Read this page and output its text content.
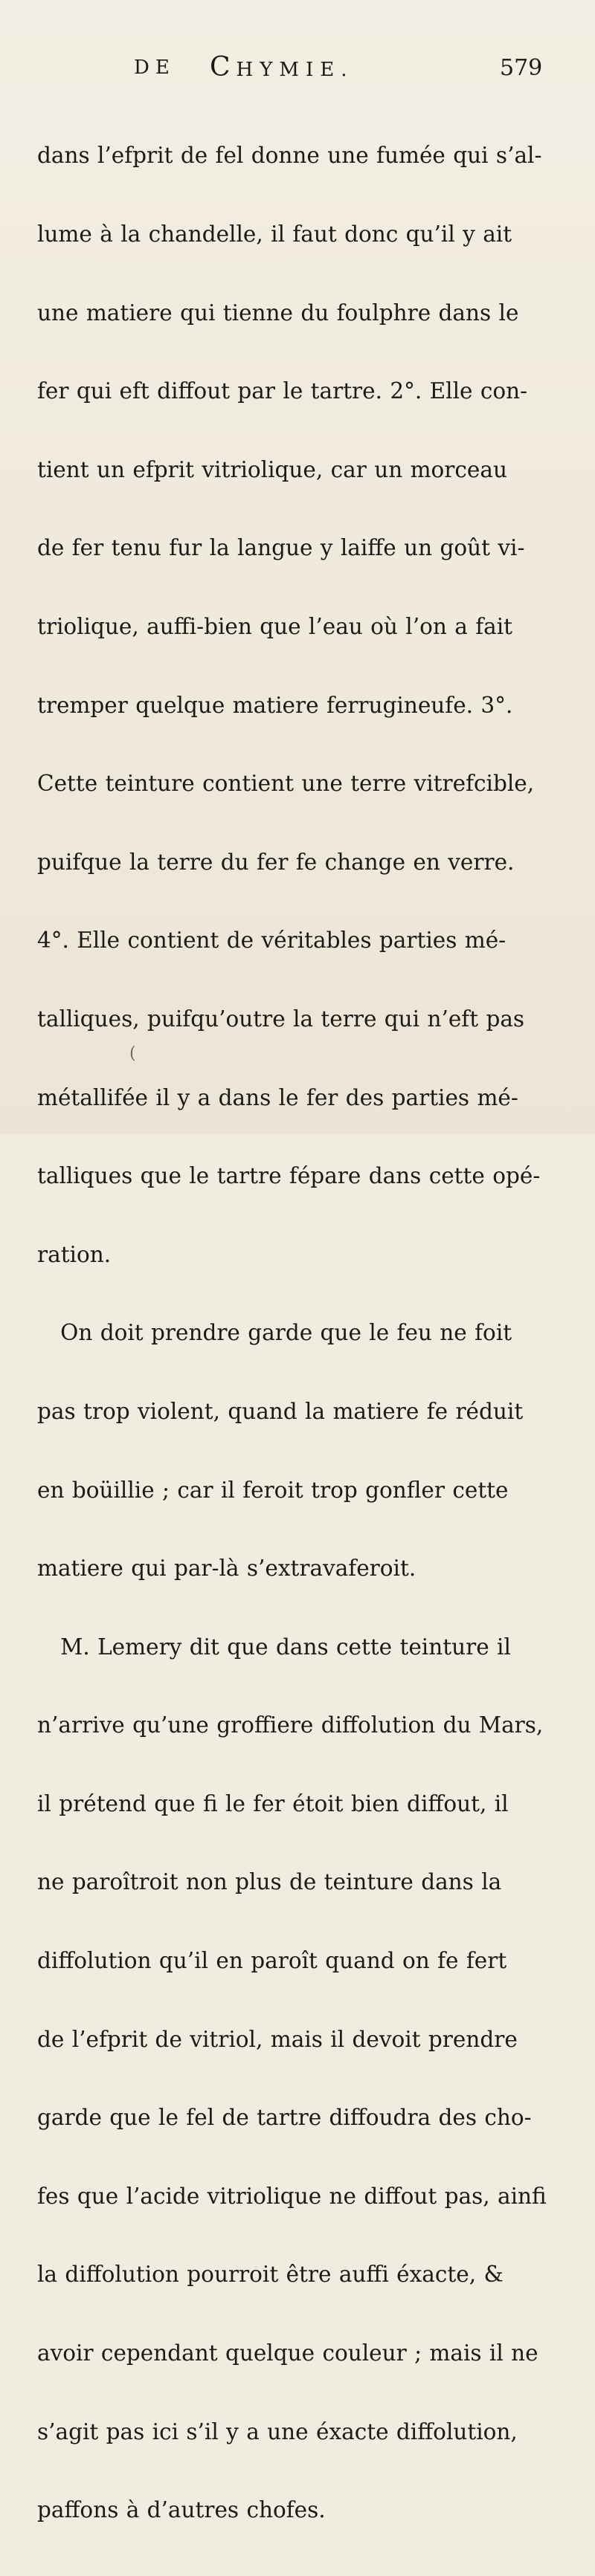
DE CHYMIE.	579

dans l’efprit de fel donne une fumée qui s’al-

lume à la chandelle, il faut donc qu’il y ait

une matiere qui tienne du foulphre dans le

fer qui eft diffout par le tartre. 2°. Elle con-

tient un efprit vitriolique, car un morceau

de fer tenu fur la langue y laiffe un goût vi-

triolique, auffi-bien que l’eau où l’on a fait

tremper quelque matiere ferrugineufe. 3°.

Cette teinture contient une terre vitrefcible,

puifque la terre du fer fe change en verre.

4°. Elle contient de véritables parties mé-

talliques, puifqu’outre la terre qui n’eft pas

métallifée il y a dans le fer des parties mé-

talliques que le tartre fépare dans cette opé-

ration.

On doit prendre garde que le feu ne foit

pas trop violent, quand la matiere fe réduit

en boüillie ; car il feroit trop gonfler cette

matiere qui par-là s’extravaferoit.

M. Lemery dit que dans cette teinture il

n’arrive qu’une groffiere diffolution du Mars,

il prétend que fi le fer étoit bien diffout, il

ne paroîtroit non plus de teinture dans la

diffolution qu’il en paroît quand on fe fert

de l’efprit de vitriol, mais il devoit prendre

garde que le fel de tartre diffoudra des cho-

fes que l’acide vitriolique ne diffout pas, ainfi

la diffolution pourroit être auffi éxacte, &

avoir cependant quelque couleur ; mais il ne

s’agit pas ici s’il y a une éxacte diffolution,

paffons à d’autres chofes.

(
